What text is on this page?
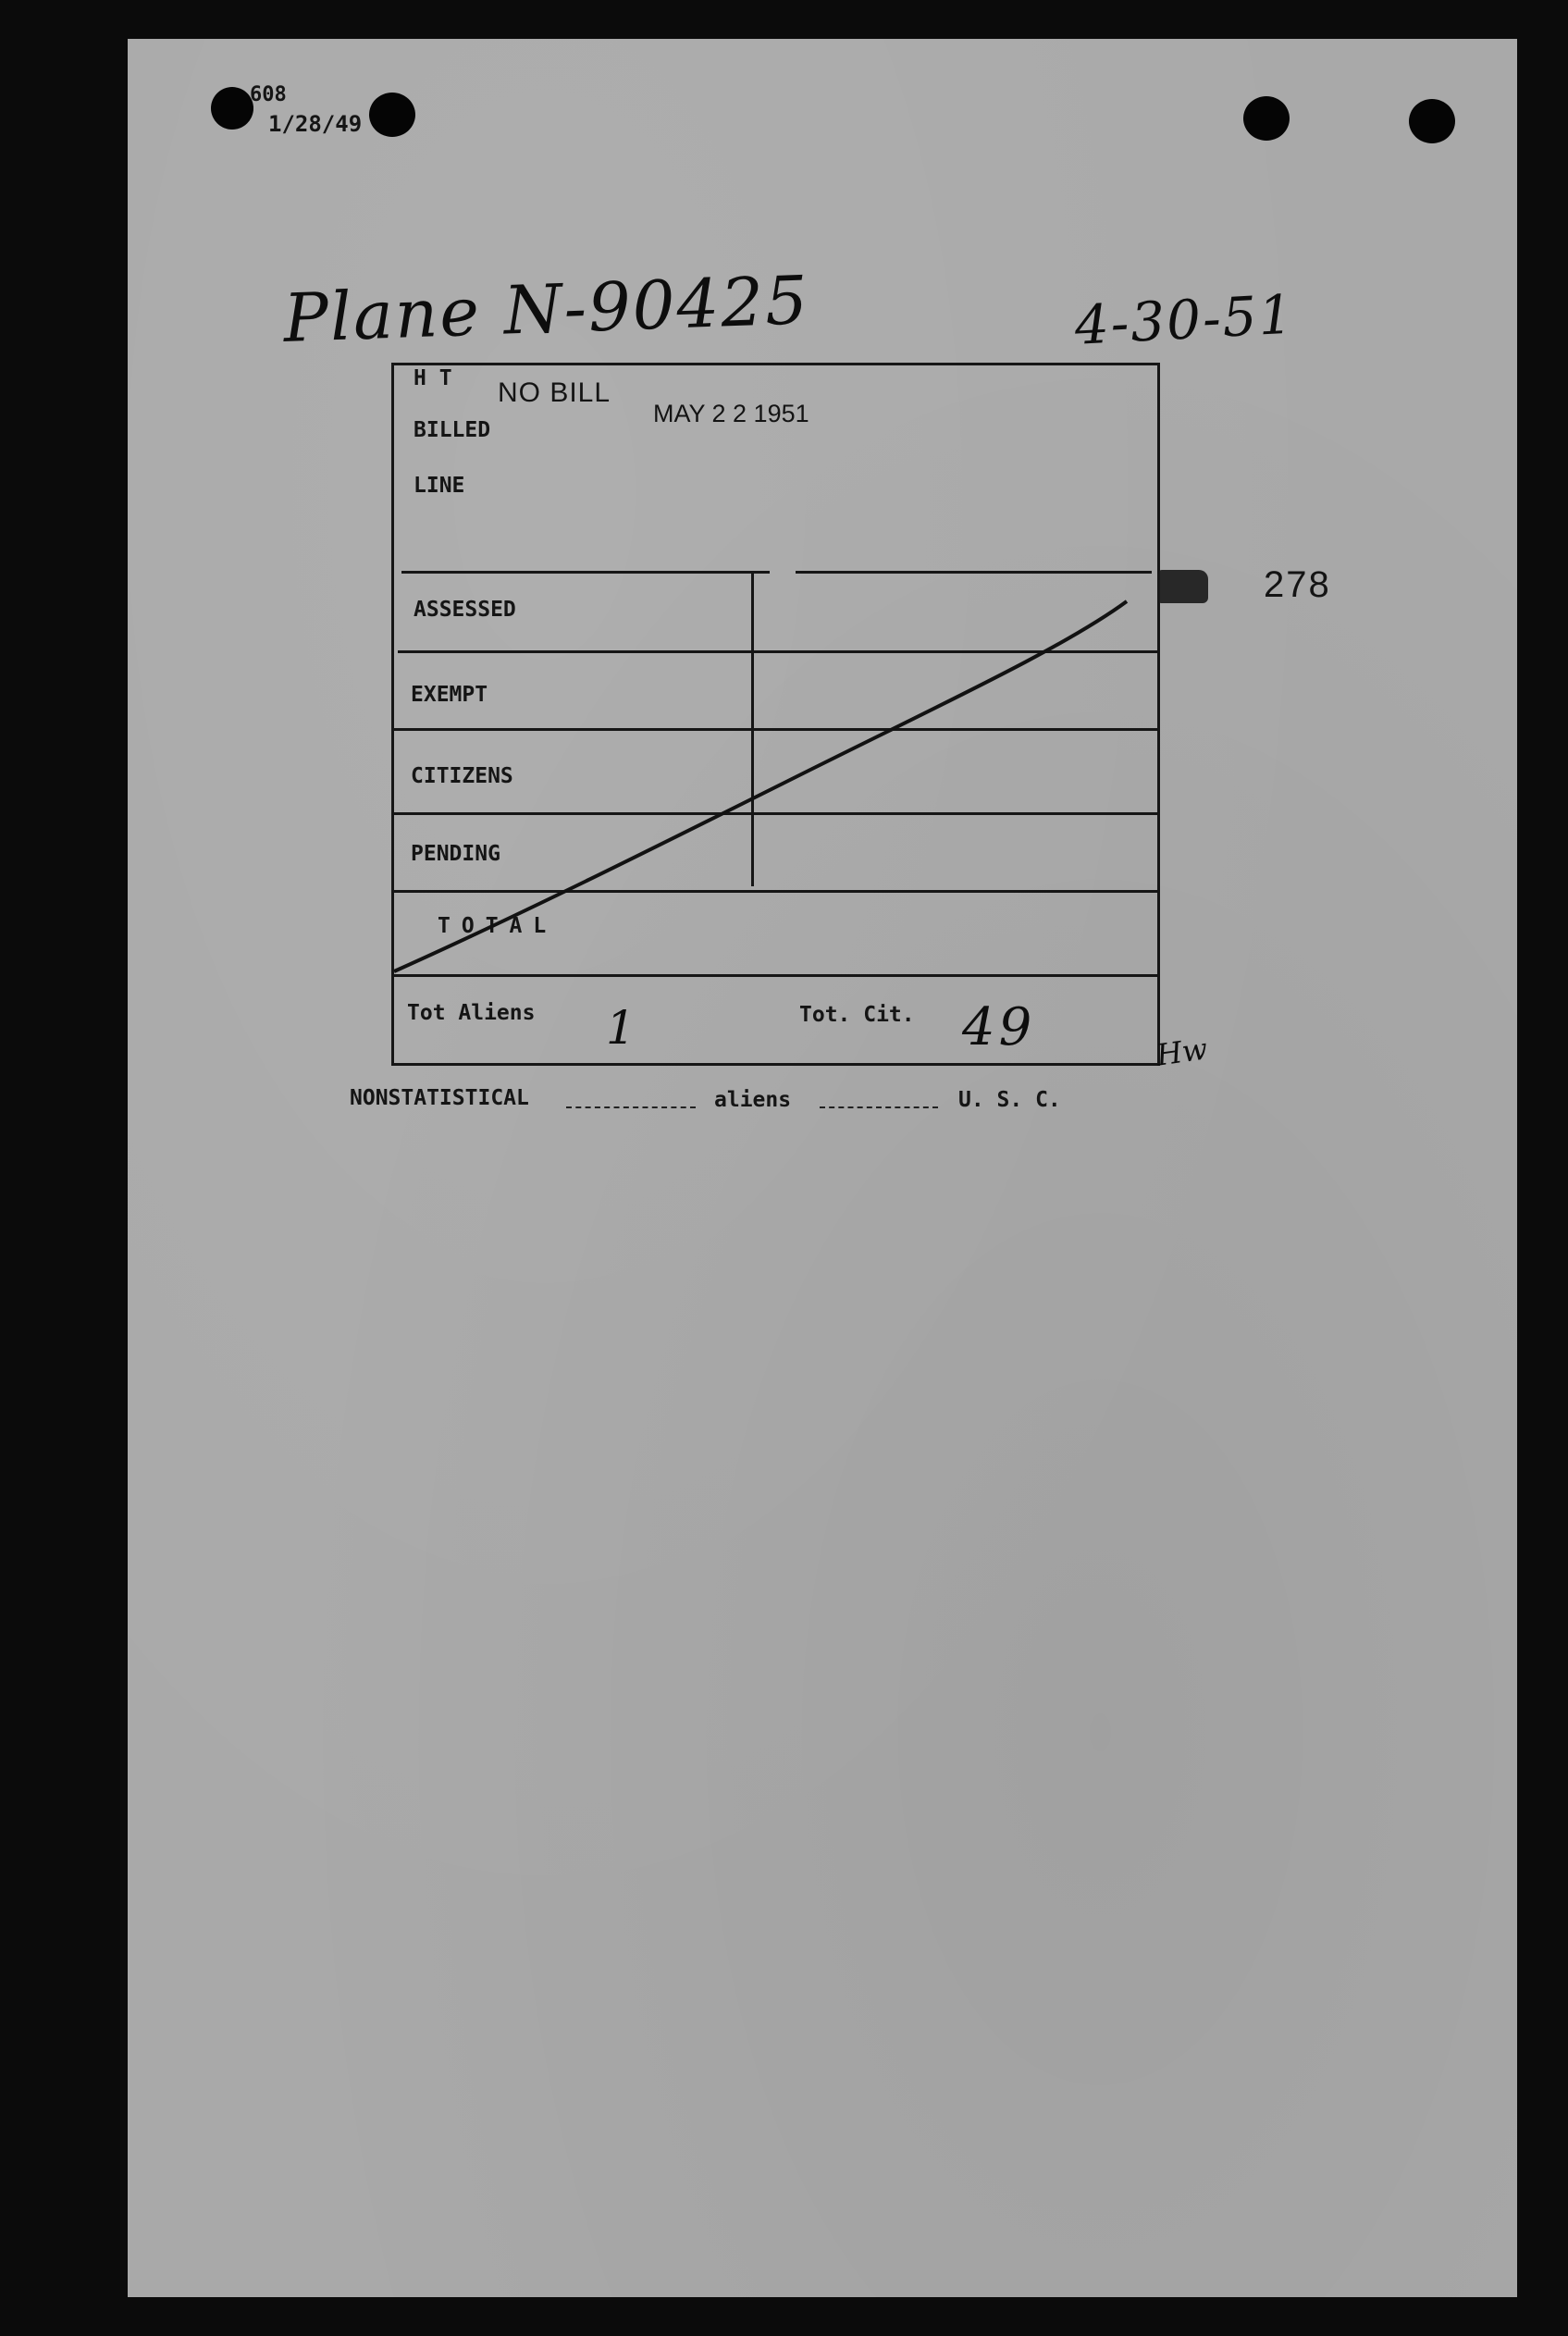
608
1/28/49
Plane N-90425	4-30-51
H T
BILLED
LINE
ASSESSED
EXEMPT
CITIZENS
PENDING
TOTAL
NO BILL
MAY 2 2 1951
278
Tot Aliens 1	Tot. Cit. 49	Hw
NONSTATISTICAL	aliens	U. S. C.
